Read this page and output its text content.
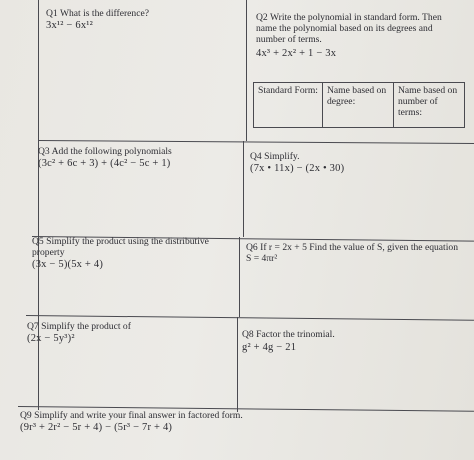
Q1 What is the difference?
3x¹² − 6x¹²
Q2 Write the polynomial in standard form. Then name the polynomial based on its degrees and number of terms.
4x³ + 2x² + 1 − 3x
Standard Form:	Name based on degree:	Name based on number of terms:
Q3 Add the following polynomials
(3c² + 6c + 3) + (4c² − 5c + 1)
Q4 Simplify.
(7x • 11x) − (2x • 30)
Q5 Simplify the product using the distributive property
(3x − 5)(5x + 4)
Q6 If r = 2x + 5 Find the value of S, given the equation S = 4πr²
Q7 Simplify the product of
(2x − 5y³)²	Q8 Factor the trinomial.
g² + 4g − 21
Q9 Simplify and write your final answer in factored form.
(9r³ + 2r² − 5r + 4) − (5r³ − 7r + 4)
